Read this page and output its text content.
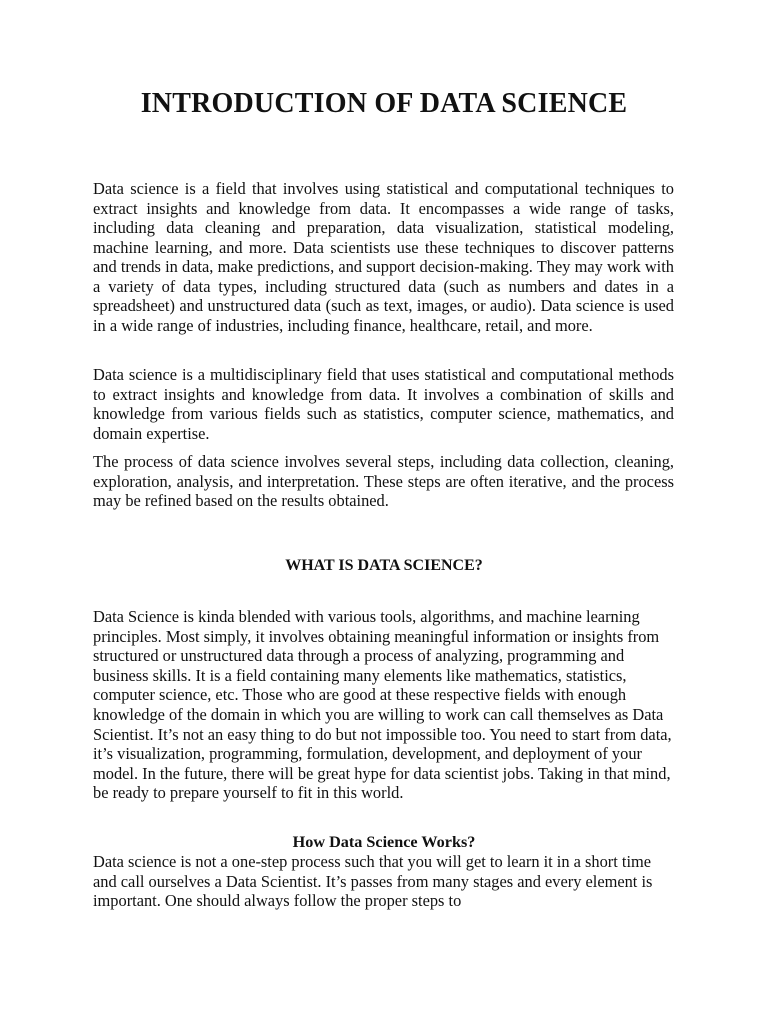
INTRODUCTION OF DATA SCIENCE

Data science is a field that involves using statistical and computational techniques to extract insights and knowledge from data. It encompasses a wide range of tasks, including data cleaning and preparation, data visualization, statistical modeling, machine learning, and more. Data scientists use these techniques to discover patterns and trends in data, make predictions, and support decision-making. They may work with a variety of data types, including structured data (such as numbers and dates in a spreadsheet) and unstructured data (such as text, images, or audio). Data science is used in a wide range of industries, including finance, healthcare, retail, and more.

Data science is a multidisciplinary field that uses statistical and computational methods to extract insights and knowledge from data. It involves a combination of skills and knowledge from various fields such as statistics, computer science, mathematics, and domain expertise.

The process of data science involves several steps, including data collection, cleaning, exploration, analysis, and interpretation. These steps are often iterative, and the process may be refined based on the results obtained.

WHAT IS DATA SCIENCE?

Data Science is kinda blended with various tools, algorithms, and machine learning principles. Most simply, it involves obtaining meaningful information or insights from structured or unstructured data through a process of analyzing, programming and business skills. It is a field containing many elements like mathematics, statistics, computer science, etc. Those who are good at these respective fields with enough knowledge of the domain in which you are willing to work can call themselves as Data Scientist. It’s not an easy thing to do but not impossible too. You need to start from data, it’s visualization, programming, formulation, development, and deployment of your model. In the future, there will be great hype for data scientist jobs. Taking in that mind, be ready to prepare yourself to fit in this world.

How Data Science Works?

Data science is not a one-step process such that you will get to learn it in a short time and call ourselves a Data Scientist. It’s passes from many stages and every element is important. One should always follow the proper steps to
